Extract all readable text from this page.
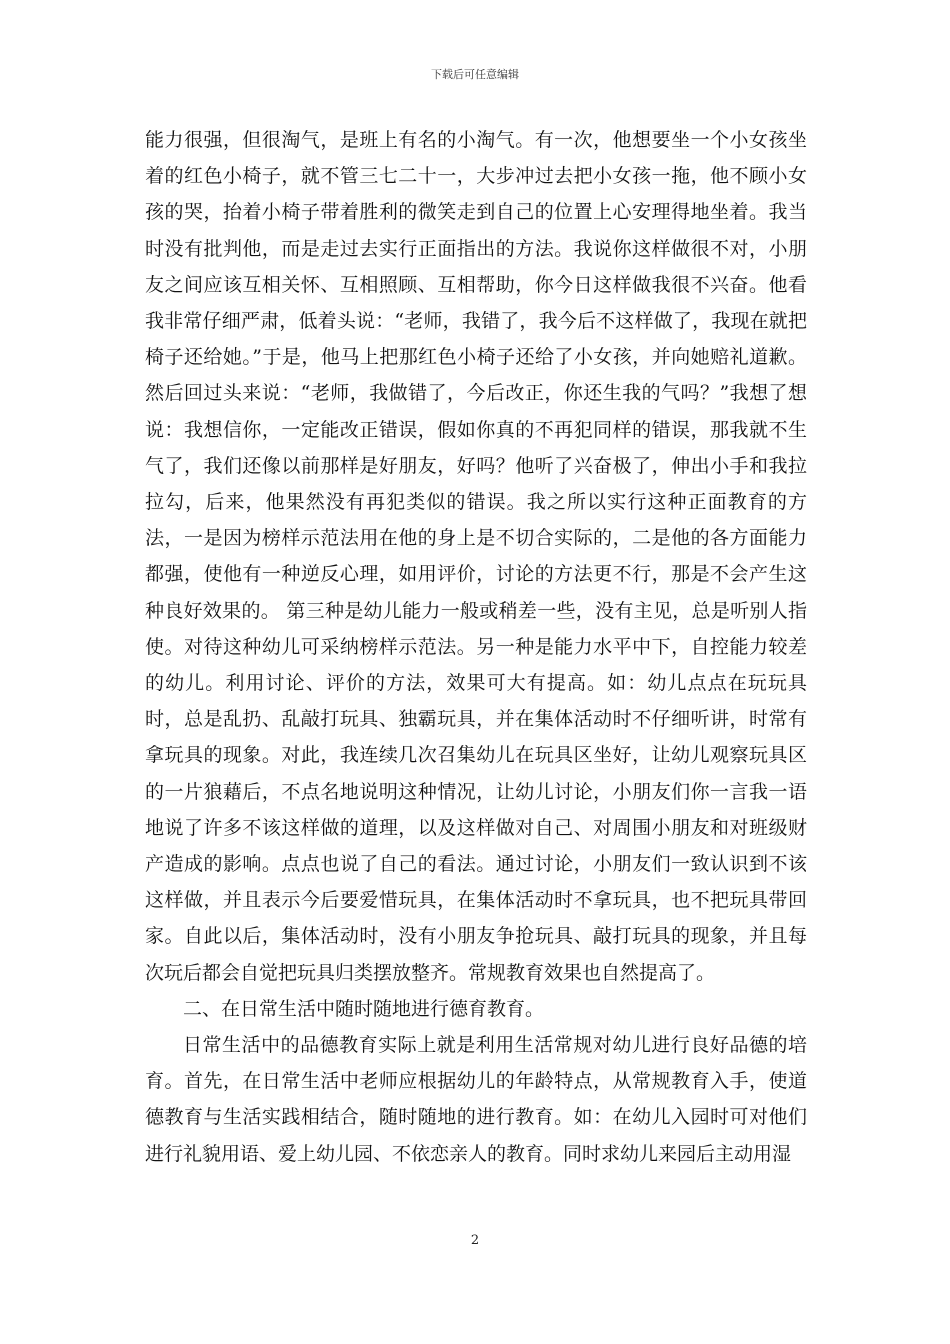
下载后可任意编辑

能力很强，但很淘气，是班上有名的小淘气。有一次，他想要坐一个小女孩坐着的红色小椅子，就不管三七二十一，大步冲过去把小女孩一拖，他不顾小女孩的哭，抬着小椅子带着胜利的微笑走到自己的位置上心安理得地坐着。我当时没有批判他，而是走过去实行正面指出的方法。我说你这样做很不对，小朋友之间应该互相关怀、互相照顾、互相帮助，你今日这样做我很不兴奋。他看我非常仔细严肃，低着头说：“老师，我错了，我今后不这样做了，我现在就把椅子还给她。”于是，他马上把那红色小椅子还给了小女孩，并向她赔礼道歉。然后回过头来说：“老师，我做错了，今后改正，你还生我的气吗？”我想了想说：我想信你，一定能改正错误，假如你真的不再犯同样的错误，那我就不生气了，我们还像以前那样是好朋友，好吗？他听了兴奋极了，伸出小手和我拉拉勾，后来，他果然没有再犯类似的错误。我之所以实行这种正面教育的方法，一是因为榜样示范法用在他的身上是不切合实际的，二是他的各方面能力都强，使他有一种逆反心理，如用评价，讨论的方法更不行，那是不会产生这种良好效果的。 第三种是幼儿能力一般或稍差一些，没有主见，总是听别人指使。对待这种幼儿可采纳榜样示范法。另一种是能力水平中下，自控能力较差的幼儿。利用讨论、评价的方法，效果可大有提高。如：幼儿点点在玩玩具时，总是乱扔、乱敲打玩具、独霸玩具，并在集体活动时不仔细听讲，时常有拿玩具的现象。对此，我连续几次召集幼儿在玩具区坐好，让幼儿观察玩具区的一片狼藉后，不点名地说明这种情况，让幼儿讨论，小朋友们你一言我一语地说了许多不该这样做的道理，以及这样做对自己、对周围小朋友和对班级财产造成的影响。点点也说了自己的看法。通过讨论，小朋友们一致认识到不该这样做，并且表示今后要爱惜玩具，在集体活动时不拿玩具，也不把玩具带回家。自此以后，集体活动时，没有小朋友争抢玩具、敲打玩具的现象，并且每次玩后都会自觉把玩具归类摆放整齐。常规教育效果也自然提高了。

二、在日常生活中随时随地进行德育教育。

日常生活中的品德教育实际上就是利用生活常规对幼儿进行良好品德的培育。首先，在日常生活中老师应根据幼儿的年龄特点，从常规教育入手，使道德教育与生活实践相结合，随时随地的进行教育。如：在幼儿入园时可对他们进行礼貌用语、爱上幼儿园、不依恋亲人的教育。同时求幼儿来园后主动用湿

2
